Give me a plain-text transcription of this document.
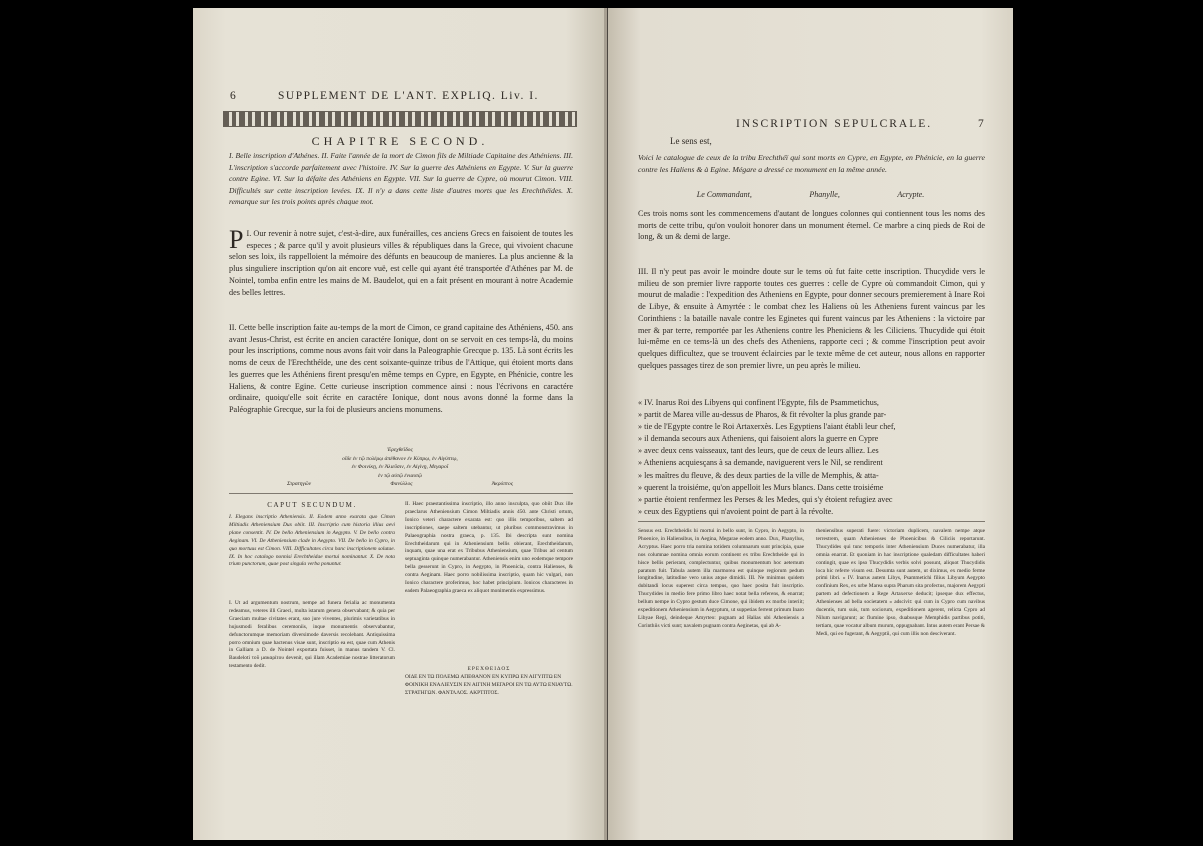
6	SUPPLEMENT DE L'ANT. EXPLIQ. Liv. I.
CHAPITRE SECOND.
I. Belle inscription d'Athénes. II. Faite l'année de la mort de Cimon fils de Miltiade Capitaine des Athéniens. III. L'inscription s'accorde parfaitement avec l'histoire. IV. Sur la guerre des Athéniens en Egypte. V. Sur la guerre contre Egine. VI. Sur la défaite des Athéniens en Egypte. VII. Sur la guerre de Cypre, où mourut Cimon. VIII. Difficultés sur cette inscription levées. IX. Il n'y a dans cette liste d'autres morts que les Erechthéïdes. X. remarque sur les trois points après chaque mot.
P I. Our revenir à notre sujet, c'est-à-dire, aux funérailles, ces anciens Grecs en faisoient de toutes les especes ; & parce qu'il y avoit plusieurs villes & républiques dans la Grece, qui vivoient chacune selon ses loix, ils rappelloient la mémoire des défunts en beaucoup de manieres. La plus ancienne & la plus singuliere inscription qu'on ait encore vuë, est celle qui ayant été transportée d'Athénes par M. de Nointel, tomba enfin entre les mains de M. Baudelot, qui en a fait présent en mourant à notre Academie des belles lettres.
II. Cette belle inscription faite au-temps de la mort de Cimon, ce grand capitaine des Athéniens, 450. ans avant Jesus-Christ, est écrite en ancien caractére Ionique, dont on se servoit en ces temps-là, du moins pour les inscriptions, comme nous avons fait voir dans la Paleographie Grecque p. 135. Là sont écrits les noms de ceux de l'Erechthéïde, une des cent soixante-quinze tribus de l'Attique, qui étoient morts dans les guerres que les Athéniens firent presqu'en même temps en Cypre, en Egypte, en Phénicie, contre les Haliens, & contre Egine. Cette curieuse inscription commence ainsi : nous l'écrivons en caractére ordinaire, quoiqu'elle soit écrite en caractére Ionique, dont nous avons donné la forme dans la Paléographie Grecque, sur la foi de plusieurs anciens monumens.
Ἐρεχθεΐδος
οἵδε ἐν τῷ πολέμῳ ἀπέθανον ἐν Κύπρῳ, ἐν Αἰγύπτῳ,
ἐν Φοινίκῃ, ἐν Ἁλιεῦσιν, ἐν Αἰγίνῃ, Μεγαροῖ
ἐν τῷ αὐτῷ ἐνιαυτῷ
Στρατηγῶν	Φανύλλος	Ἀκρύπτος
CAPUT SECUNDUM.
I. Elegans inscriptio Atheniensis. II. Eodem anno exarata quo Cimon Miltiadis Atheniensium Dux obiit. III. Inscriptio cum historia illius aevi plane consentit. IV. De bello Atheniensium in Aegypto. V. De bello contra Aeginam. VI. De Atheniensium clade in Aegypto. VII. De bello in Cypro, in quo mortuus est Cimon. VIII. Difficultates circa hanc inscriptionem solutae. IX. In hoc catalogo nonnisi Erechtheidae mortui nominantur. X. De nota trium punctorum, quae post singula verba ponuntur.
I. Ut ad argumentum nostrum, nempe ad funera ferialia ac monumenta redeamus, veteres illi Graeci, multa istarum genera observabant; & quia per Graeciam multae civitates erant, suo jure viventes, plurimis varietatibus in hujusmodi feralibus ceremoniis, inque monumentis observabantur, defunctorumque memoriam diversimode daversis recolebant. Antiquissima porro omnium quae hactenus visae sunt, inscriptio ea est, quae cum Athenis in Galliam a D. de Nointel exportata fuisset, in manus tandem V. Cl. Baudeloti τοῦ μακαρίτου devenit, qui illam Academiae nostrae litteratorum testamento dedit.
II. Haec praestantissima inscriptio, illo anno insculpta, quo obiit Dux ille praeclarus Atheniensium Cimon Miltiadis annis 450. ante Christi ortum, Ionico veteri charactere exarata est: quo illis temporibus, saltem ad inscriptiones, saepe saltem utebantur, ut pluribus commonstravimus in Palaeographia nostra graeca, p. 135. Ibi descripta sunt nomina Erechtheidarum qui in Atheniensium bellis obierant, Erechtheidarum, inquam, quae una erat ex Tribubus Atheniensium, quae Tribus ad centum septuaginta quinque numerabantur. Atheniensis enim uno eodemque tempore bella gesserunt in Cypro, in Aegypto, in Phoenicia, contra Halienses, & contra Aeginam. Haec porro nobilissima inscriptio, quam hic vulgari, non Ionico charactere proferimus, hoc habet principium. Ionicos characteres in eadem Palaeographia graeca ex aliquot monimentis expressimus.
ΕΡΕΧΘΕΙΔΟΣ
ΟΙΔΕ ΕΝ ΤΩ ΠΟΛΕΜΩ ΑΠΕΘΑΝΟΝ ΕΝ ΚΥΠΡΩ ΕΝ ΑΙΓΥΠΤΩ ΕΝ ΦΟΙΝΙΚΗ ΕΝΑΛΙΕΥΣΙΝ ΕΝ ΑΙΓΙΝΗ ΜΕΓΑΡΟΙ ΕΝ ΤΩ ΑΥΤΩ ΕΝΙΑΥΤΩ.
ΣΤΡΑΤΗΓΩΝ. ΦΑΝΤΛΛΟΣ. ΑΚΡΤΠΤΟΣ.
INSCRIPTION SEPULCRALE.	7
Le sens est,
Voici le catalogue de ceux de la tribu Erechthéï qui sont morts en Cypre, en Egypte, en Phénicie, en la guerre contre les Haliens & à Egine. Mégare a dressé ce monument en la même année.
Le Commandant,	Phanylle,	Acrypte.
Ces trois noms sont les commencemens d'autant de longues colonnes qui contiennent tous les noms des morts de cette tribu, qu'on vouloit honorer dans un monument éternel. Ce marbre a cinq pieds de Roi de long, & un & demi de large.
III. Il n'y peut pas avoir le moindre doute sur le tems où fut faite cette inscription. Thucydide vers le milieu de son premier livre rapporte toutes ces guerres : celle de Cypre où commandoit Cimon, qui y mourut de maladie : l'expedition des Atheniens en Egypte, pour donner secours premierement à Inare Roi de Libye, & ensuite à Amyrtée : le combat chez les Haliens où les Atheniens furent vaincus par les Corinthiens : la bataille navale contre les Eginetes qui furent vaincus par les Atheniens : la victoire par mer & par terre, remportée par les Atheniens contre les Pheniciens & les Ciliciens. Thucydide qui étoit lui-même en ce tems-là un des chefs des Atheniens, rapporte ceci ; & comme l'inscription peut avoir quelques difficultez, que se trouvent éclaircies par le texte même de cet auteur, nous allons en rapporter quelques passages tirez de son premier livre, un peu après le milieu.
« IV. Inarus Roi des Libyens qui confinent l'Egypte, fils de Psammetichus,
» partit de Marea ville au-dessus de Pharos, & fit révolter la plus grande par-
» tie de l'Egypte contre le Roi Artaxerxès. Les Egyptiens l'aiant établi leur chef,
» il demanda secours aux Atheniens, qui faisoient alors la guerre en Cypre
» avec deux cens vaisseaux, tant des leurs, que de ceux de leurs alliez. Les
» Atheniens acquiesçans à sa demande, naviguerent vers le Nil, se rendirent
» les maîtres du fleuve, & des deux parties de la ville de Memphis, & atta-
» querent la troisiéme, qu'on appelloit les Murs blancs. Dans cette troisiéme
» partie étoient renfermez les Perses & les Medes, qui s'y étoient refugiez avec
» ceux des Egyptiens qui n'avoient point de part à la révolte.
Sensus est. Erechtheidis hi mortui in bello sunt, in Cypro, in Aegypto, in Phoenice, in Haliensibus, in Aegina, Megarae eodem anno. Dux, Phanyllus, Acryptus. Haec porro tria nomina totidem columnarum sunt principia, quae nos columnae nomina omnia eorum continent ex tribu Erechtheide qui in hisce bellis perierant, complectuntur, quibus monumentum hoc aeternum paratum fuit. Tabula autem illa marmorea est quinque regiorum pedum longitudine, latitudine vero unius atque dimidii. III. Ne minimus quidem dubitandi locus superest circa tempus, quo haec posita fuit inscriptio. Thucydides in medio fere primo libro haec notat bella referens, & enarrat; bellum nempe in Cypro gestum duce Cimone, qui ibidem ex morbo interiit; expeditionem Atheniensium in Aegyptum, ut suppetias ferrent primum Inaro Libyae Regi, deindeque Amyrteo: pugnam ad Halias ubi Atheniensis a Corinthiis victi sunt; navalem pugnam contra Aeginetas, qui ab A-
theniensibus superati fuere: victoriam duplicem, navalem nempe atque terrestrem, quam Athenienses de Phoenicibus & Ciliciis reportarunt. Thucydides qui tunc temporis inter Atheniensium Duces numerabatur, illa omnia enarrat. Et quoniam in hac inscriptione qualedam difficultates haberi contingit, quae ex ipso Thucydidis verbis solvi possunt, aliquot Thucydidis loca hic referre visum est. Desumta sunt autem, ut diximus, ex medio ferme primi libri. « IV. Inarus autem Libys, Psammetichi filius Libyum Aegypto confinium Rex, ex urbe Marea supra Pharum sita profectus, majorem Aegypti partem ad defectionem a Rege Artaxerxe deducit; ipseque dux effectus, Athenienses ad bella societatem » adscivit: qui cum in Cypro cum navibus ducentis, tum suis, tum sociorum, expeditionem agerent, relicta Cypro ad Nilum navigarunt; ac flumine ipso, duabusque Memphidis partibus potiti, tertiam, quae vocatur album murum, oppugnabant. Intus autem erant Persae & Medi, qui eo fugerant, & Aegyptii, qui cum illis non desciverant.
